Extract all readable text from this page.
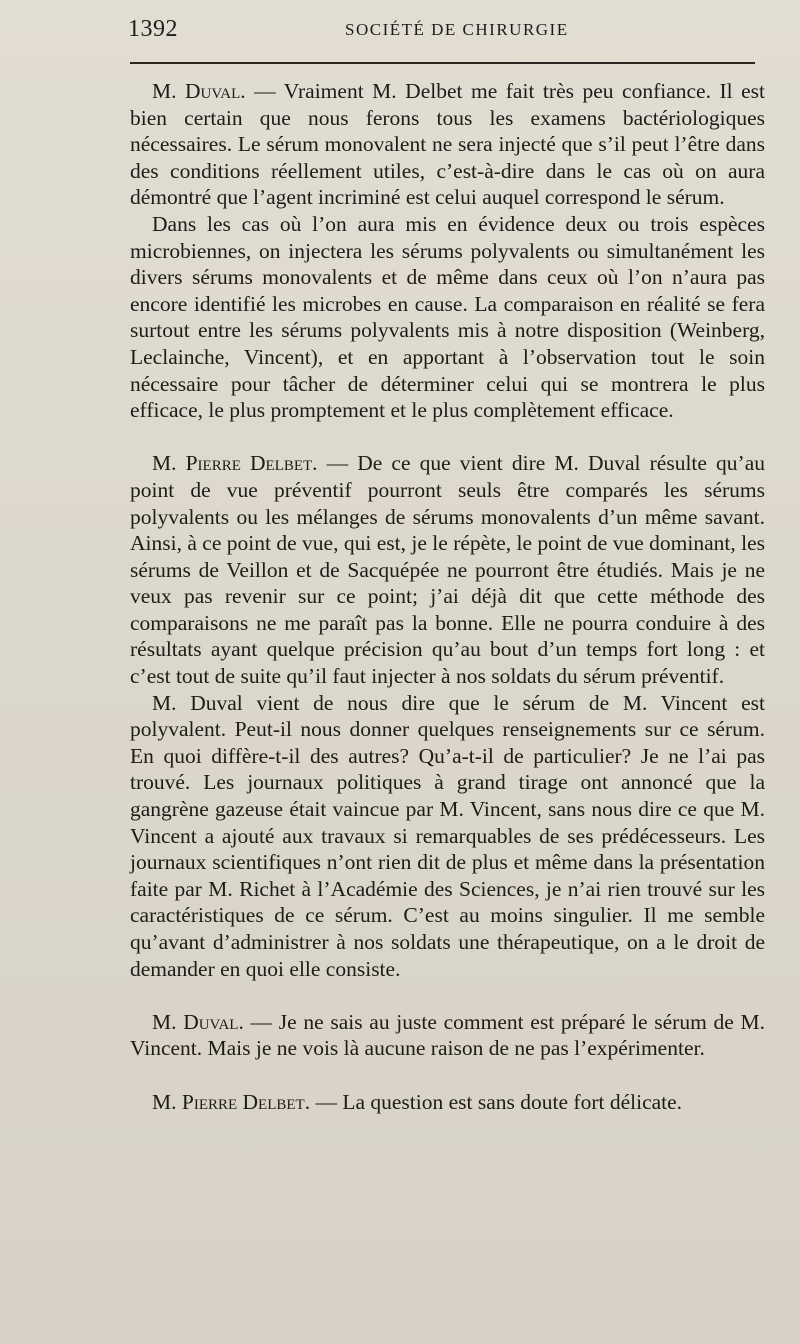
1392	SOCIÉTÉ DE CHIRURGIE

M. Duval. — Vraiment M. Delbet me fait très peu confiance. Il est bien certain que nous ferons tous les examens bactériologiques nécessaires. Le sérum monovalent ne sera injecté que s’il peut l’être dans des conditions réellement utiles, c’est-à-dire dans le cas où on aura démontré que l’agent incriminé est celui auquel correspond le sérum.

Dans les cas où l’on aura mis en évidence deux ou trois espèces microbiennes, on injectera les sérums polyvalents ou simultanément les divers sérums monovalents et de même dans ceux où l’on n’aura pas encore identifié les microbes en cause. La comparaison en réalité se fera surtout entre les sérums polyvalents mis à notre disposition (Weinberg, Leclainche, Vincent), et en apportant à l’observation tout le soin nécessaire pour tâcher de déterminer celui qui se montrera le plus efficace, le plus promptement et le plus complètement efficace.

M. Pierre Delbet. — De ce que vient dire M. Duval résulte qu’au point de vue préventif pourront seuls être comparés les sérums polyvalents ou les mélanges de sérums monovalents d’un même savant. Ainsi, à ce point de vue, qui est, je le répète, le point de vue dominant, les sérums de Veillon et de Sacquépée ne pourront être étudiés. Mais je ne veux pas revenir sur ce point; j’ai déjà dit que cette méthode des comparaisons ne me paraît pas la bonne. Elle ne pourra conduire à des résultats ayant quelque précision qu’au bout d’un temps fort long : et c’est tout de suite qu’il faut injecter à nos soldats du sérum préventif.

M. Duval vient de nous dire que le sérum de M. Vincent est polyvalent. Peut-il nous donner quelques renseignements sur ce sérum. En quoi diffère-t-il des autres? Qu’a-t-il de particulier? Je ne l’ai pas trouvé. Les journaux politiques à grand tirage ont annoncé que la gangrène gazeuse était vaincue par M. Vincent, sans nous dire ce que M. Vincent a ajouté aux travaux si remarquables de ses prédécesseurs. Les journaux scientifiques n’ont rien dit de plus et même dans la présentation faite par M. Richet à l’Académie des Sciences, je n’ai rien trouvé sur les caractéristiques de ce sérum. C’est au moins singulier. Il me semble qu’avant d’administrer à nos soldats une thérapeutique, on a le droit de demander en quoi elle consiste.

M. Duval. — Je ne sais au juste comment est préparé le sérum de M. Vincent. Mais je ne vois là aucune raison de ne pas l’expérimenter.

M. Pierre Delbet. — La question est sans doute fort délicate.
